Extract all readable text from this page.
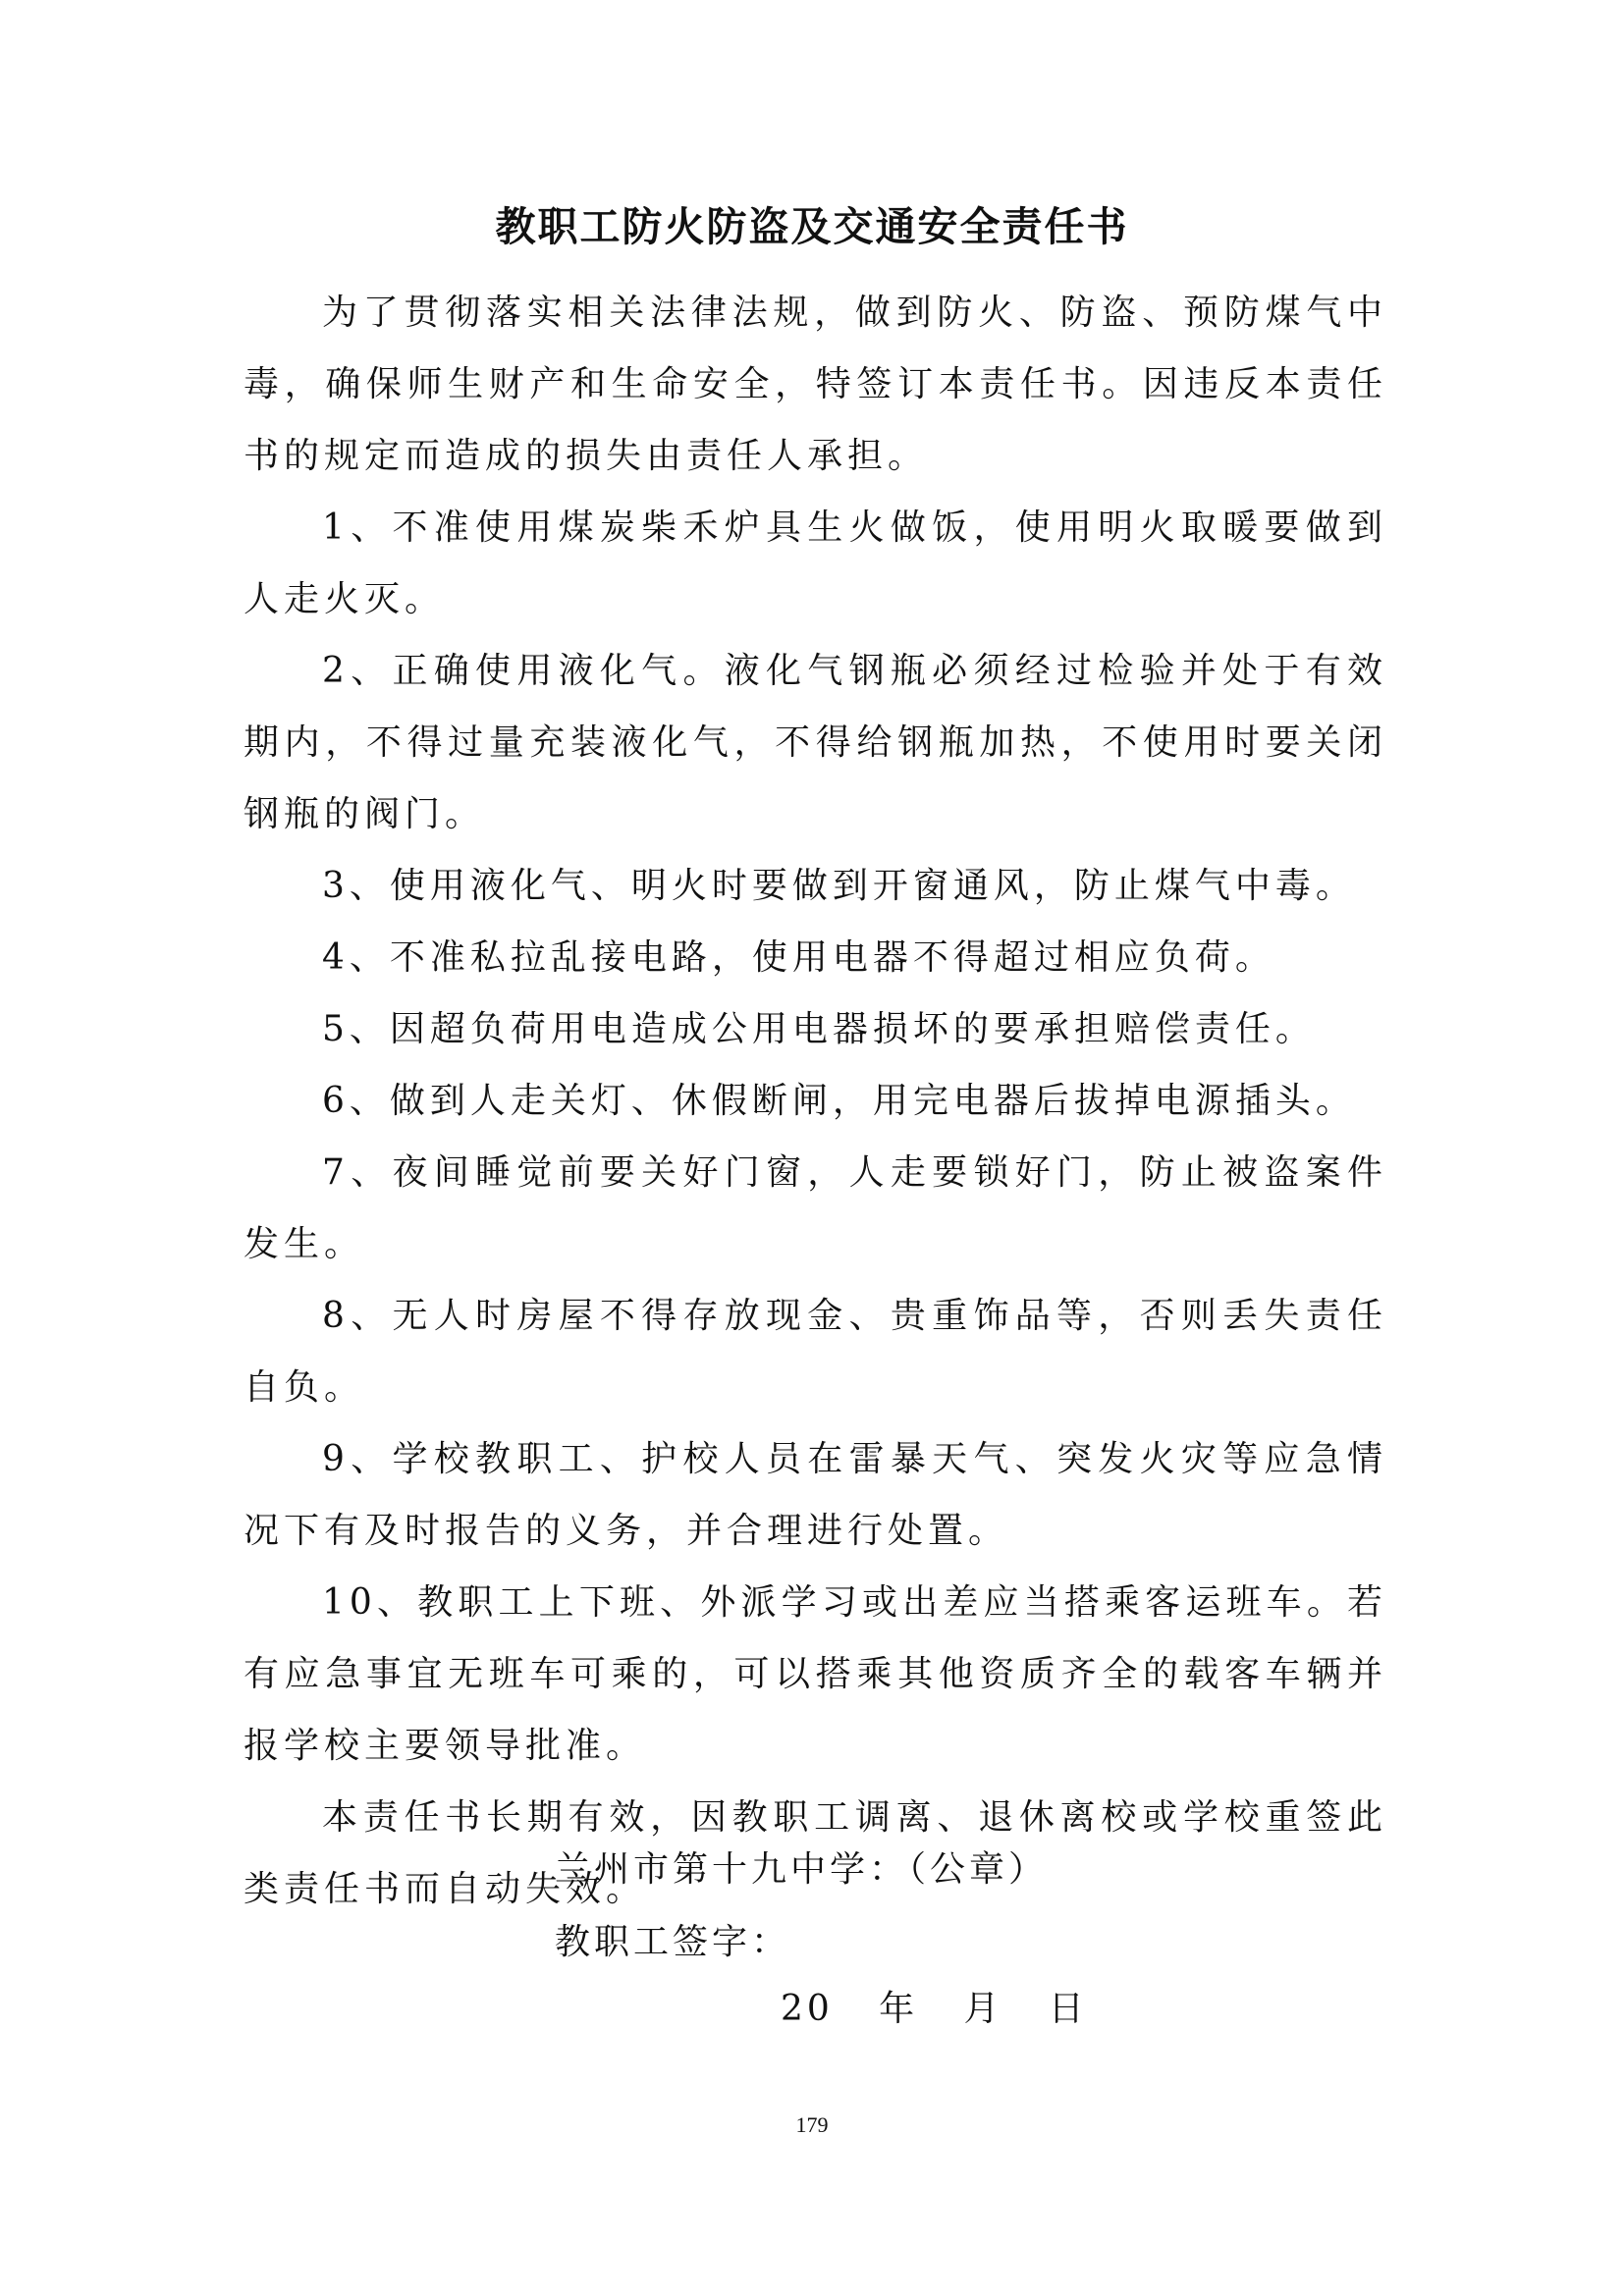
教职工防火防盗及交通安全责任书

为了贯彻落实相关法律法规，做到防火、防盗、预防煤气中毒，确保师生财产和生命安全，特签订本责任书。因违反本责任书的规定而造成的损失由责任人承担。

1、不准使用煤炭柴禾炉具生火做饭，使用明火取暖要做到人走火灭。

2、正确使用液化气。液化气钢瓶必须经过检验并处于有效期内，不得过量充装液化气，不得给钢瓶加热，不使用时要关闭钢瓶的阀门。

3、使用液化气、明火时要做到开窗通风，防止煤气中毒。

4、不准私拉乱接电路，使用电器不得超过相应负荷。

5、因超负荷用电造成公用电器损坏的要承担赔偿责任。

6、做到人走关灯、休假断闸，用完电器后拔掉电源插头。

7、夜间睡觉前要关好门窗，人走要锁好门，防止被盗案件发生。

8、无人时房屋不得存放现金、贵重饰品等，否则丢失责任自负。

9、学校教职工、护校人员在雷暴天气、突发火灾等应急情况下有及时报告的义务，并合理进行处置。

10、教职工上下班、外派学习或出差应当搭乘客运班车。若有应急事宜无班车可乘的，可以搭乘其他资质齐全的载客车辆并报学校主要领导批准。

本责任书长期有效，因教职工调离、退休离校或学校重签此类责任书而自动失效。

兰州市第十九中学：（公章）

教职工签字：

20   年   月   日
179
